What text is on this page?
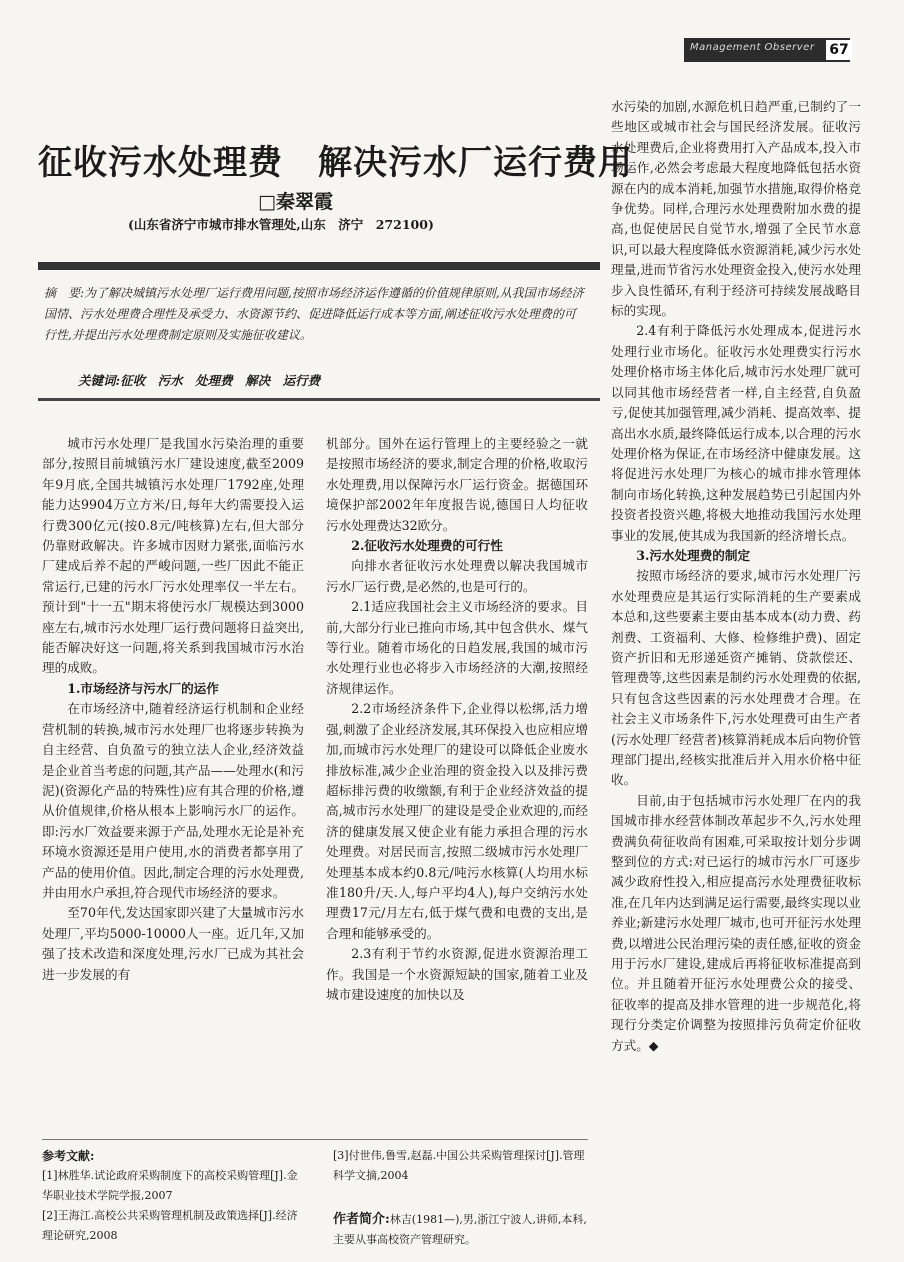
Management Observer 67
征收污水处理费　解决污水厂运行费用
□秦翠霞
(山东省济宁市城市排水管理处,山东　济宁　272100)
摘　要:为了解决城镇污水处理厂运行费用问题,按照市场经济运作遵循的价值规律原则,从我国市场经济国情、污水处理费合理性及承受力、水资源节约、促进降低运行成本等方面,阐述征收污水处理费的可行性,并提出污水处理费制定原则及实施征收建议。
关键词:征收　污水　处理费　解决　运行费

城市污水处理厂是我国水污染治理的重要部分,按照目前城镇污水厂建设速度,截至2009年9月底,全国共城镇污水处理厂1792座,处理能力达9904万立方米/日,每年大约需要投入运行费300亿元(按0.8元/吨核算)左右,但大部分仍靠财政解决。许多城市因财力紧张,面临污水厂建成后养不起的严峻问题,一些厂因此不能正常运行,已建的污水厂污水处理率仅一半左右。预计到"十一五"期末将使污水厂规模达到3000座左右,城市污水处理厂运行费问题将日益突出,能否解决好这一问题,将关系到我国城市污水治理的成败。

1.市场经济与污水厂的运作

在市场经济中,随着经济运行机制和企业经营机制的转换,城市污水处理厂也将逐步转换为自主经营、自负盈亏的独立法人企业,经济效益是企业首当考虑的问题,其产品——处理水(和污泥)(资源化产品的特殊性)应有其合理的价格,遵从价值规律,价格从根本上影响污水厂的运作。即:污水厂效益要来源于产品,处理水无论是补充环境水资源还是用户使用,水的消费者都享用了产品的使用价值。因此,制定合理的污水处理费,并由用水户承担,符合现代市场经济的要求。

至70年代,发达国家即兴建了大量城市污水处理厂,平均5000-10000人一座。近几年,又加强了技术改造和深度处理,污水厂已成为其社会进一步发展的有

机部分。国外在运行管理上的主要经验之一就是按照市场经济的要求,制定合理的价格,收取污水处理费,用以保障污水厂运行资金。据德国环境保护部2002年年度报告说,德国日人均征收污水处理费达32欧分。

2.征收污水处理费的可行性

向排水者征收污水处理费以解决我国城市污水厂运行费,是必然的,也是可行的。

2.1适应我国社会主义市场经济的要求。目前,大部分行业已推向市场,其中包含供水、煤气等行业。随着市场化的日趋发展,我国的城市污水处理行业也必将步入市场经济的大潮,按照经济规律运作。

2.2市场经济条件下,企业得以松绑,活力增强,刺激了企业经济发展,其环保投入也应相应增加,而城市污水处理厂的建设可以降低企业废水排放标准,减少企业治理的资金投入以及排污费超标排污费的收缴额,有利于企业经济效益的提高,城市污水处理厂的建设是受企业欢迎的,而经济的健康发展又使企业有能力承担合理的污水处理费。对居民而言,按照二级城市污水处理厂处理基本成本约0.8元/吨污水核算(人均用水标准180升/天.人,每户平均4人),每户交纳污水处理费17元/月左右,低于煤气费和电费的支出,是合理和能够承受的。

2.3有利于节约水资源,促进水资源治理工作。我国是一个水资源短缺的国家,随着工业及城市建设速度的加快以及

水污染的加剧,水源危机日趋严重,已制约了一些地区或城市社会与国民经济发展。征收污水处理费后,企业将费用打入产品成本,投入市场运作,必然会考虑最大程度地降低包括水资源在内的成本消耗,加强节水措施,取得价格竞争优势。同样,合理污水处理费附加水费的提高,也促使居民自觉节水,增强了全民节水意识,可以最大程度降低水资源消耗,减少污水处理量,进而节省污水处理资金投入,使污水处理步入良性循环,有利于经济可持续发展战略目标的实现。

2.4有利于降低污水处理成本,促进污水处理行业市场化。征收污水处理费实行污水处理价格市场主体化后,城市污水处理厂就可以同其他市场经营者一样,自主经营,自负盈亏,促使其加强管理,减少消耗、提高效率、提高出水水质,最终降低运行成本,以合理的污水处理价格为保证,在市场经济中健康发展。这将促进污水处理厂为核心的城市排水管理体制向市场化转换,这种发展趋势已引起国内外投资者投资兴趣,将极大地推动我国污水处理事业的发展,使其成为我国新的经济增长点。

3.污水处理费的制定

按照市场经济的要求,城市污水处理厂污水处理费应是其运行实际消耗的生产要素成本总和,这些要素主要由基本成本(动力费、药剂费、工资福利、大修、检修维护费)、固定资产折旧和无形递延资产摊销、贷款偿还、管理费等,这些因素是制约污水处理费的依据,只有包含这些因素的污水处理费才合理。在社会主义市场条件下,污水处理费可由生产者(污水处理厂经营者)核算消耗成本后向物价管理部门提出,经核实批准后并入用水价格中征收。

目前,由于包括城市污水处理厂在内的我国城市排水经营体制改革起步不久,污水处理费满负荷征收尚有困难,可采取按计划分步调整到位的方式:对已运行的城市污水厂可逐步减少政府性投入,相应提高污水处理费征收标准,在几年内达到满足运行需要,最终实现以业养业;新建污水处理厂城市,也可开征污水处理费,以增进公民治理污染的责任感,征收的资金用于污水厂建设,建成后再将征收标准提高到位。并且随着开征污水处理费公众的接受、征收率的提高及排水管理的进一步规范化,将现行分类定价调整为按照排污负荷定价征收方式。◆

参考文献:
[1]林胜华.试论政府采购制度下的高校采购管理[J].金华职业技术学院学报,2007
[2]王海江.高校公共采购管理机制及政策选择[J].经济理论研究,2008
[3]付世伟,鲁雪,赵磊.中国公共采购管理探讨[J].管理科学文摘,2004
作者简介:林吉(1981—),男,浙江宁波人,讲师,本科,主要从事高校资产管理研究。
